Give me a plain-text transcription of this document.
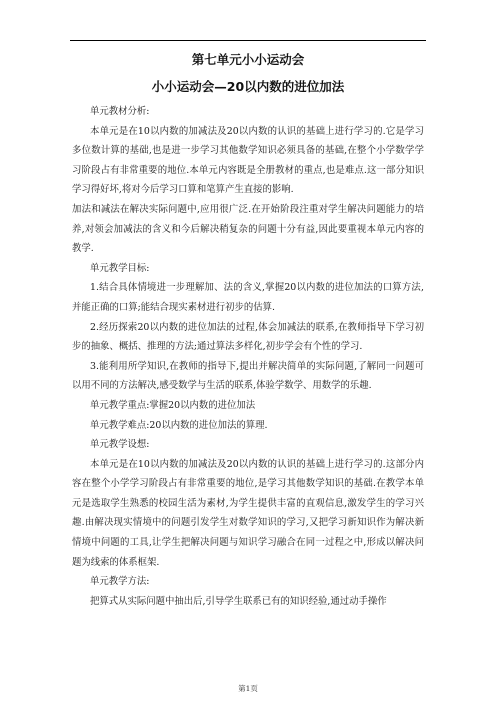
第七单元小小运动会
小小运动会—20以内数的进位加法

单元教材分析:

本单元是在10以内数的加减法及20以内数的认识的基础上进行学习的.它是学习多位数计算的基础,也是进一步学习其他数学知识必须具备的基础,在整个小学数学学习阶段占有非常重要的地位.本单元内容既是全册教材的重点,也是难点.这一部分知识学习得好坏,将对今后学习口算和笔算产生直接的影响.

加法和减法在解决实际问题中,应用很广泛.在开始阶段注重对学生解决问题能力的培养,对领会加减法的含义和今后解决稍复杂的问题十分有益,因此要重视本单元内容的教学.

单元教学目标:

1.结合具体情境进一步理解加、法的含义,掌握20以内数的进位加法的口算方法,并能正确的口算;能结合现实素材进行初步的估算.

2.经历探索20以内数的进位加法的过程,体会加减法的联系,在教师指导下学习初步的抽象、概括、推理的方法;通过算法多样化,初步学会有个性的学习.

3.能利用所学知识,在教师的指导下,提出并解决简单的实际问题,了解同一问题可以用不同的方法解决,感受数学与生活的联系,体验学数学、用数学的乐趣.

单元教学重点:掌握20以内数的进位加法

单元教学难点:20以内数的进位加法的算理.

单元教学设想:

本单元是在10以内数的加减法及20以内数的认识的基础上进行学习的.这部分内容在整个小学学习阶段占有非常重要的地位,是学习其他数学知识的基础.在教学本单元是选取学生熟悉的校园生活为素材,为学生提供丰富的直观信息,激发学生的学习兴趣.由解决现实情境中的问题引发学生对数学知识的学习,又把学习新知识作为解决新情境中问题的工具,让学生把解决问题与知识学习融合在同一过程之中,形成以解决问题为线索的体系框架.

单元教学方法:

把算式从实际问题中抽出后,引导学生联系已有的知识经验,通过动手操作

第1页
